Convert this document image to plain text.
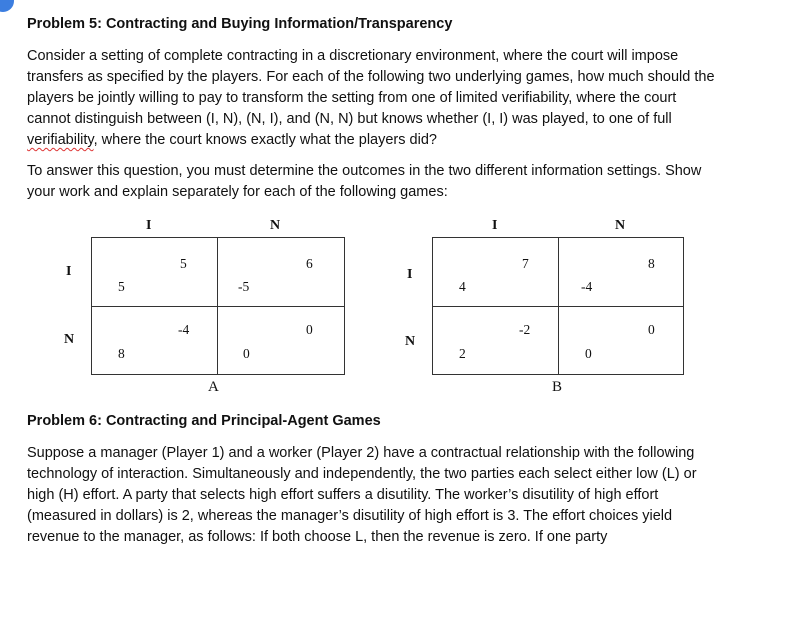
Problem 5: Contracting and Buying Information/Transparency

Consider a setting of complete contracting in a discretionary environment, where the court will impose transfers as specified by the players. For each of the following two underlying games, how much should the players be jointly willing to pay to transform the setting from one of limited verifiability, where the court cannot distinguish between (I, N), (N, I), and (N, N) but knows whether (I, I) was played, to one of full verifiability, where the court knows exactly what the players did?

To answer this question, you must determine the outcomes in the two different information settings. Show your work and explain separately for each of the following games:

I	N
I
N
5
5
-5
6
8
-4
0
0
A
I	N
I
N
4
7
-4
8
2
-2
0
0
B
Problem 6: Contracting and Principal-Agent Games

Suppose a manager (Player 1) and a worker (Player 2) have a contractual relationship with the following technology of interaction. Simultaneously and independently, the two parties each select either low (L) or high (H) effort. A party that selects high effort suffers a disutility. The worker’s disutility of high effort (measured in dollars) is 2, whereas the manager’s disutility of high effort is 3. The effort choices yield revenue to the manager, as follows: If both choose L, then the revenue is zero. If one party
